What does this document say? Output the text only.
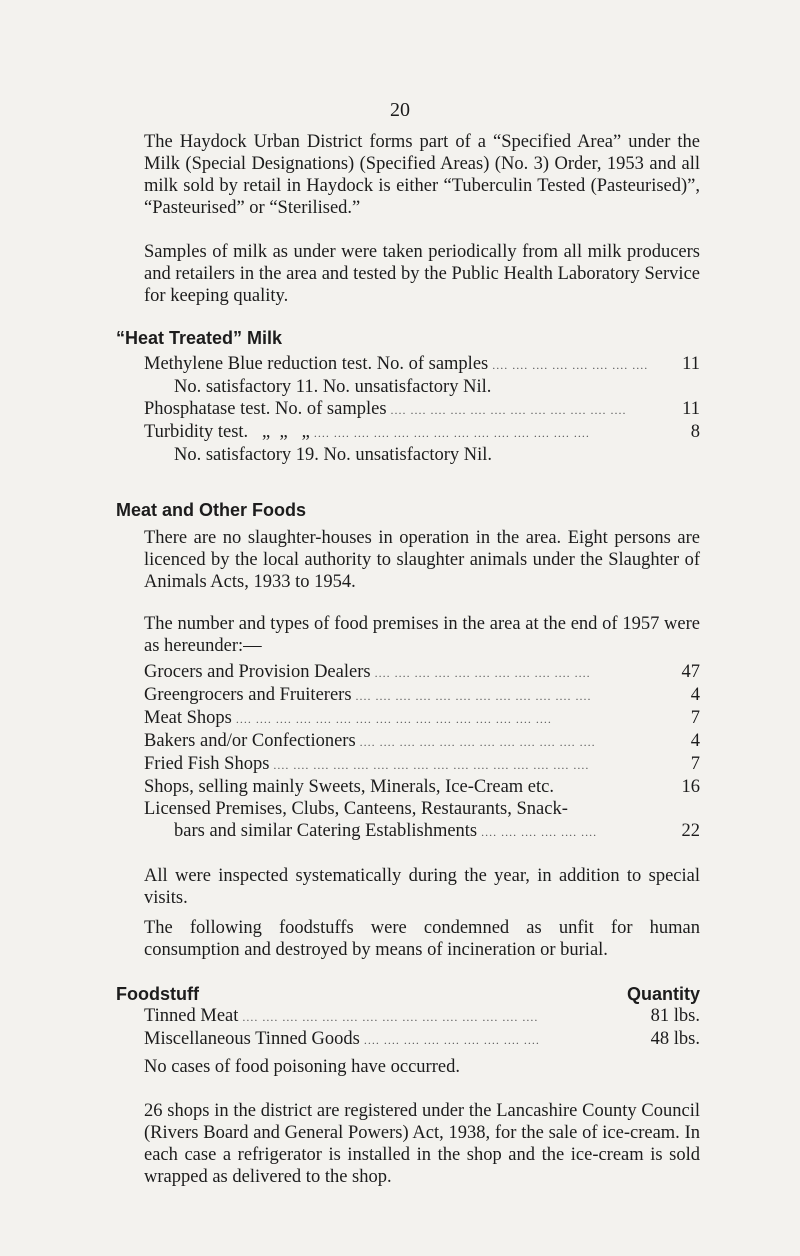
20

The Haydock Urban District forms part of a “Specified Area” under the Milk (Special Designations) (Specified Areas) (No. 3) Order, 1953 and all milk sold by retail in Haydock is either “Tuberculin Tested (Pasteurised)”, “Pasteurised” or “Sterilised.”

Samples of milk as under were taken periodically from all milk producers and retailers in the area and tested by the Public Health Laboratory Service for keeping quality.

“Heat Treated” Milk
Methylene Blue reduction test. No. of samples .... .... .... .... .... .... .... ....	11
No. satisfactory 11. No. unsatisfactory Nil.
Phosphatase test. No. of samples .... .... .... .... .... .... .... .... .... .... .... ....	11
Turbidity test.   „  „   „ .... .... .... .... .... .... .... .... .... .... .... .... .... ....	8
No. satisfactory 19. No. unsatisfactory Nil.
Meat and Other Foods

There are no slaughter-houses in operation in the area. Eight persons are licenced by the local authority to slaughter animals under the Slaughter of Animals Acts, 1933 to 1954.

The number and types of food premises in the area at the end of 1957 were as hereunder:—

Grocers and Provision Dealers .... .... .... .... .... .... .... .... .... .... ....	47
Greengrocers and Fruiterers .... .... .... .... .... .... .... .... .... .... .... ....	4
Meat Shops .... .... .... .... .... .... .... .... .... .... .... .... .... .... .... ....	7
Bakers and/or Confectioners .... .... .... .... .... .... .... .... .... .... .... ....	4
Fried Fish Shops .... .... .... .... .... .... .... .... .... .... .... .... .... .... .... ....	7
Shops, selling mainly Sweets, Minerals, Ice-Cream etc.	16
Licensed Premises, Clubs, Canteens, Restaurants, Snack-
bars and similar Catering Establishments .... .... .... .... .... ....	22

All were inspected systematically during the year, in addition to special visits.

The following foodstuffs were condemned as unfit for human consumption and destroyed by means of incineration or burial.

Foodstuff	Quantity
Tinned Meat .... .... .... .... .... .... .... .... .... .... .... .... .... .... ....	81 lbs.
Miscellaneous Tinned Goods .... .... .... .... .... .... .... .... ....	48 lbs.
No cases of food poisoning have occurred.

26 shops in the district are registered under the Lancashire County Council (Rivers Board and General Powers) Act, 1938, for the sale of ice-cream. In each case a refrigerator is installed in the shop and the ice-cream is sold wrapped as delivered to the shop.
